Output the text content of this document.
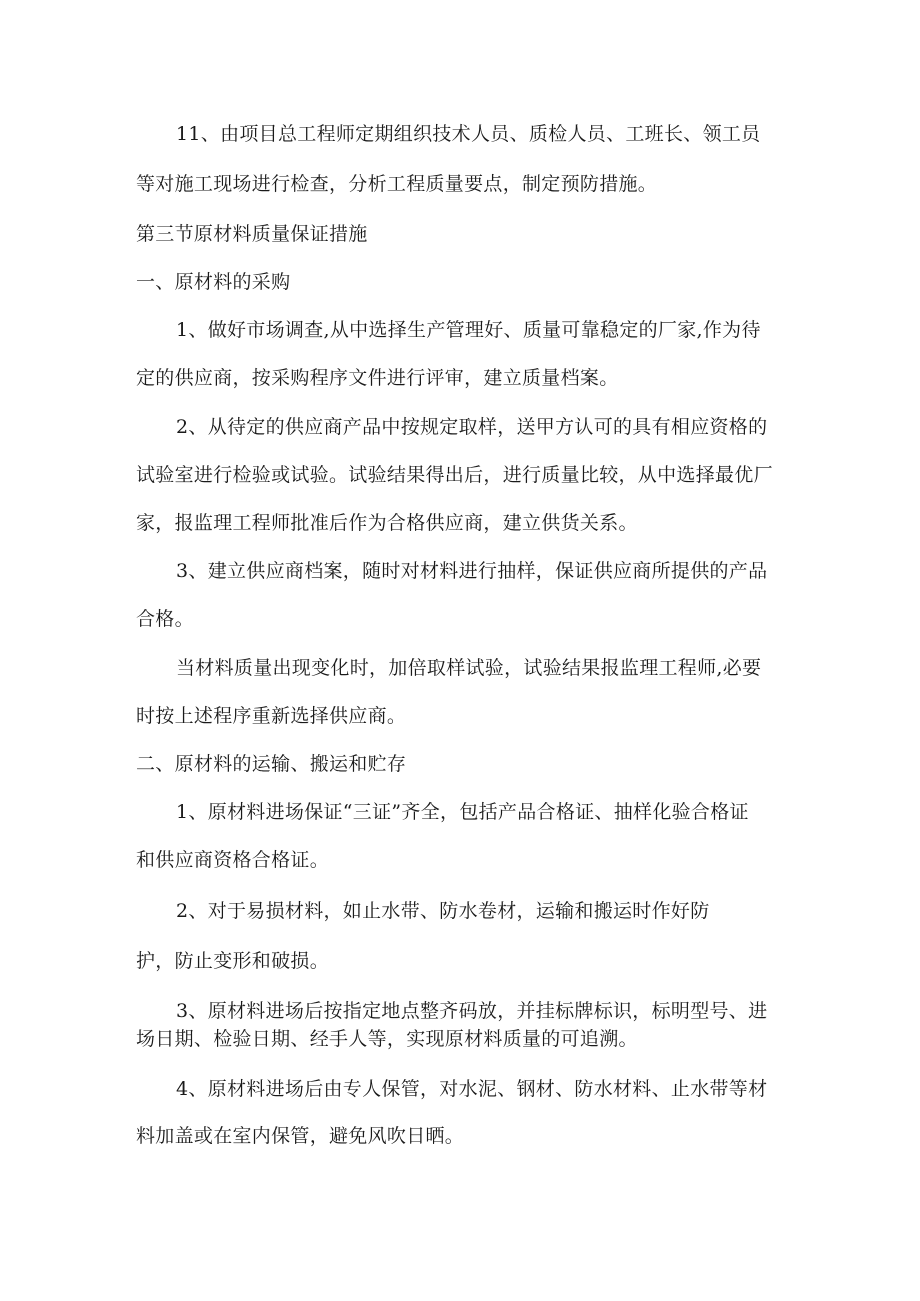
11、由项目总工程师定期组织技术人员、质检人员、工班长、领工员
等对施工现场进行检查，分析工程质量要点，制定预防措施。
第三节原材料质量保证措施
一、原材料的采购
1、做好市场调查,从中选择生产管理好、质量可靠稳定的厂家,作为待
定的供应商，按采购程序文件进行评审，建立质量档案。
2、从待定的供应商产品中按规定取样，送甲方认可的具有相应资格的
试验室进行检验或试验。试验结果得出后，进行质量比较，从中选择最优厂
家，报监理工程师批准后作为合格供应商，建立供货关系。
3、建立供应商档案，随时对材料进行抽样，保证供应商所提供的产品
合格。
当材料质量出现变化时，加倍取样试验，试验结果报监理工程师,必要
时按上述程序重新选择供应商。
二、原材料的运输、搬运和贮存
1、原材料进场保证“三证”齐全，包括产品合格证、抽样化验合格证
和供应商资格合格证。
2、对于易损材料，如止水带、防水卷材，运输和搬运时作好防
护，防止变形和破损。
3、原材料进场后按指定地点整齐码放，并挂标牌标识，标明型号、进
场日期、检验日期、经手人等，实现原材料质量的可追溯。
4、原材料进场后由专人保管，对水泥、钢材、防水材料、止水带等材
料加盖或在室内保管，避免风吹日晒。
